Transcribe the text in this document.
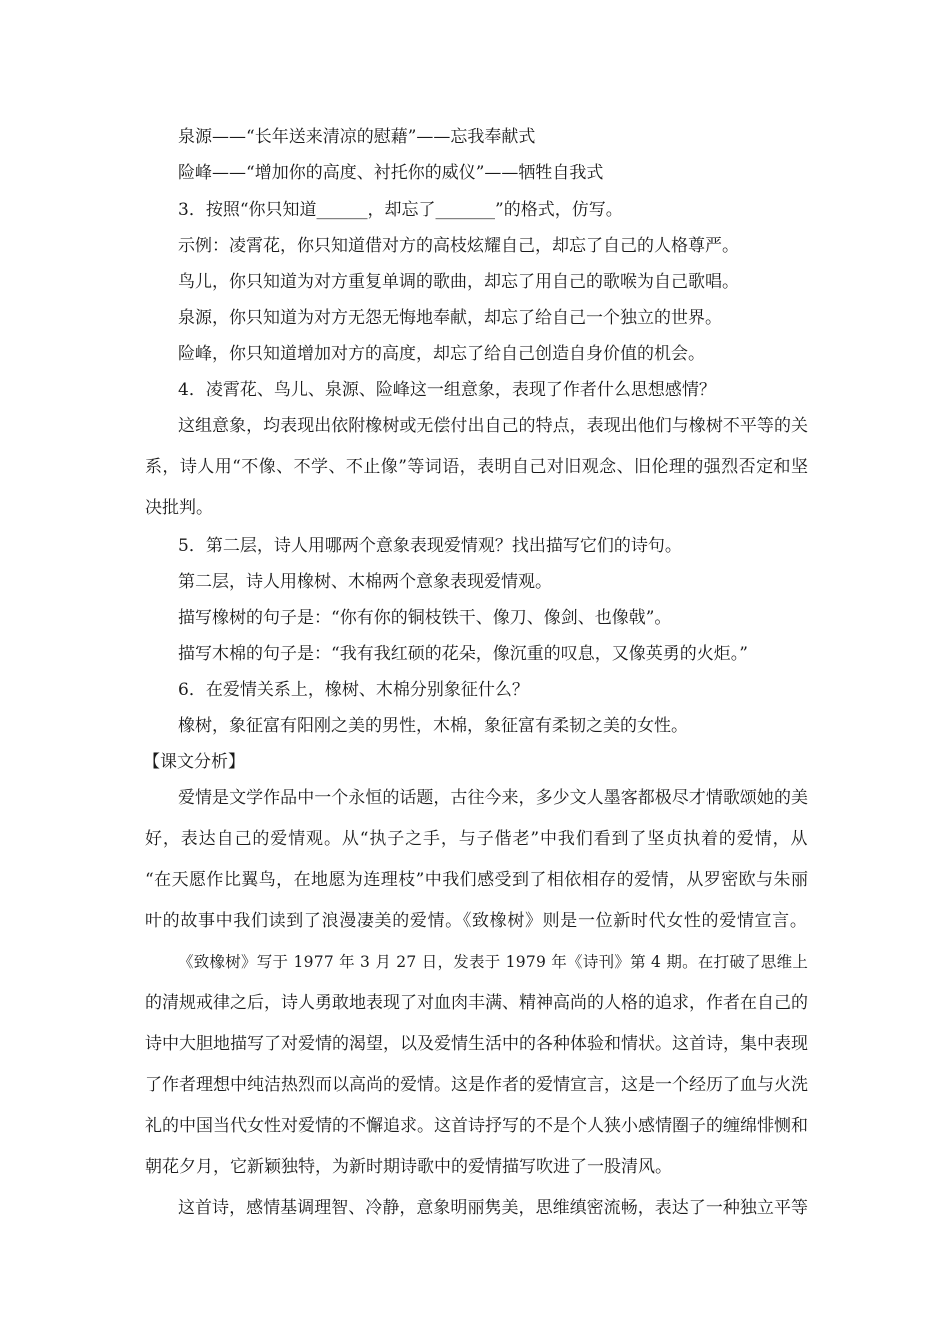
泉源——“长年送来清凉的慰藉”——忘我奉献式
险峰——“增加你的高度、衬托你的威仪”——牺牲自我式
3．按照“你只知道______，却忘了_______”的格式，仿写。
示例：凌霄花，你只知道借对方的高枝炫耀自己，却忘了自己的人格尊严。
鸟儿，你只知道为对方重复单调的歌曲，却忘了用自己的歌喉为自己歌唱。
泉源，你只知道为对方无怨无悔地奉献，却忘了给自己一个独立的世界。
险峰，你只知道增加对方的高度，却忘了给自己创造自身价值的机会。
4．凌霄花、鸟儿、泉源、险峰这一组意象，表现了作者什么思想感情？
这组意象，均表现出依附橡树或无偿付出自己的特点，表现出他们与橡树不平等的关
系，诗人用“不像、不学、不止像”等词语，表明自己对旧观念、旧伦理的强烈否定和坚
决批判。
5．第二层，诗人用哪两个意象表现爱情观？找出描写它们的诗句。
第二层，诗人用橡树、木棉两个意象表现爱情观。
描写橡树的句子是：“你有你的铜枝铁干、像刀、像剑、也像戟”。
描写木棉的句子是：“我有我红硕的花朵，像沉重的叹息，又像英勇的火炬。”
6．在爱情关系上，橡树、木棉分别象征什么？
橡树，象征富有阳刚之美的男性，木棉，象征富有柔韧之美的女性。
【课文分析】
爱情是文学作品中一个永恒的话题，古往今来，多少文人墨客都极尽才情歌颂她的美
好，表达自己的爱情观。从“执子之手，与子偕老”中我们看到了坚贞执着的爱情，从
“在天愿作比翼鸟，在地愿为连理枝”中我们感受到了相依相存的爱情，从罗密欧与朱丽
叶的故事中我们读到了浪漫凄美的爱情。《致橡树》则是一位新时代女性的爱情宣言。
《致橡树》写于 1977 年 3 月 27 日，发表于 1979 年《诗刊》第 4 期。在打破了思维上
的清规戒律之后，诗人勇敢地表现了对血肉丰满、精神高尚的人格的追求，作者在自己的
诗中大胆地描写了对爱情的渴望，以及爱情生活中的各种体验和情状。这首诗，集中表现
了作者理想中纯洁热烈而以高尚的爱情。这是作者的爱情宣言，这是一个经历了血与火洗
礼的中国当代女性对爱情的不懈追求。这首诗抒写的不是个人狭小感情圈子的缠绵悱恻和
朝花夕月，它新颖独特，为新时期诗歌中的爱情描写吹进了一股清风。
这首诗，感情基调理智、冷静，意象明丽隽美，思维缜密流畅，表达了一种独立平等
